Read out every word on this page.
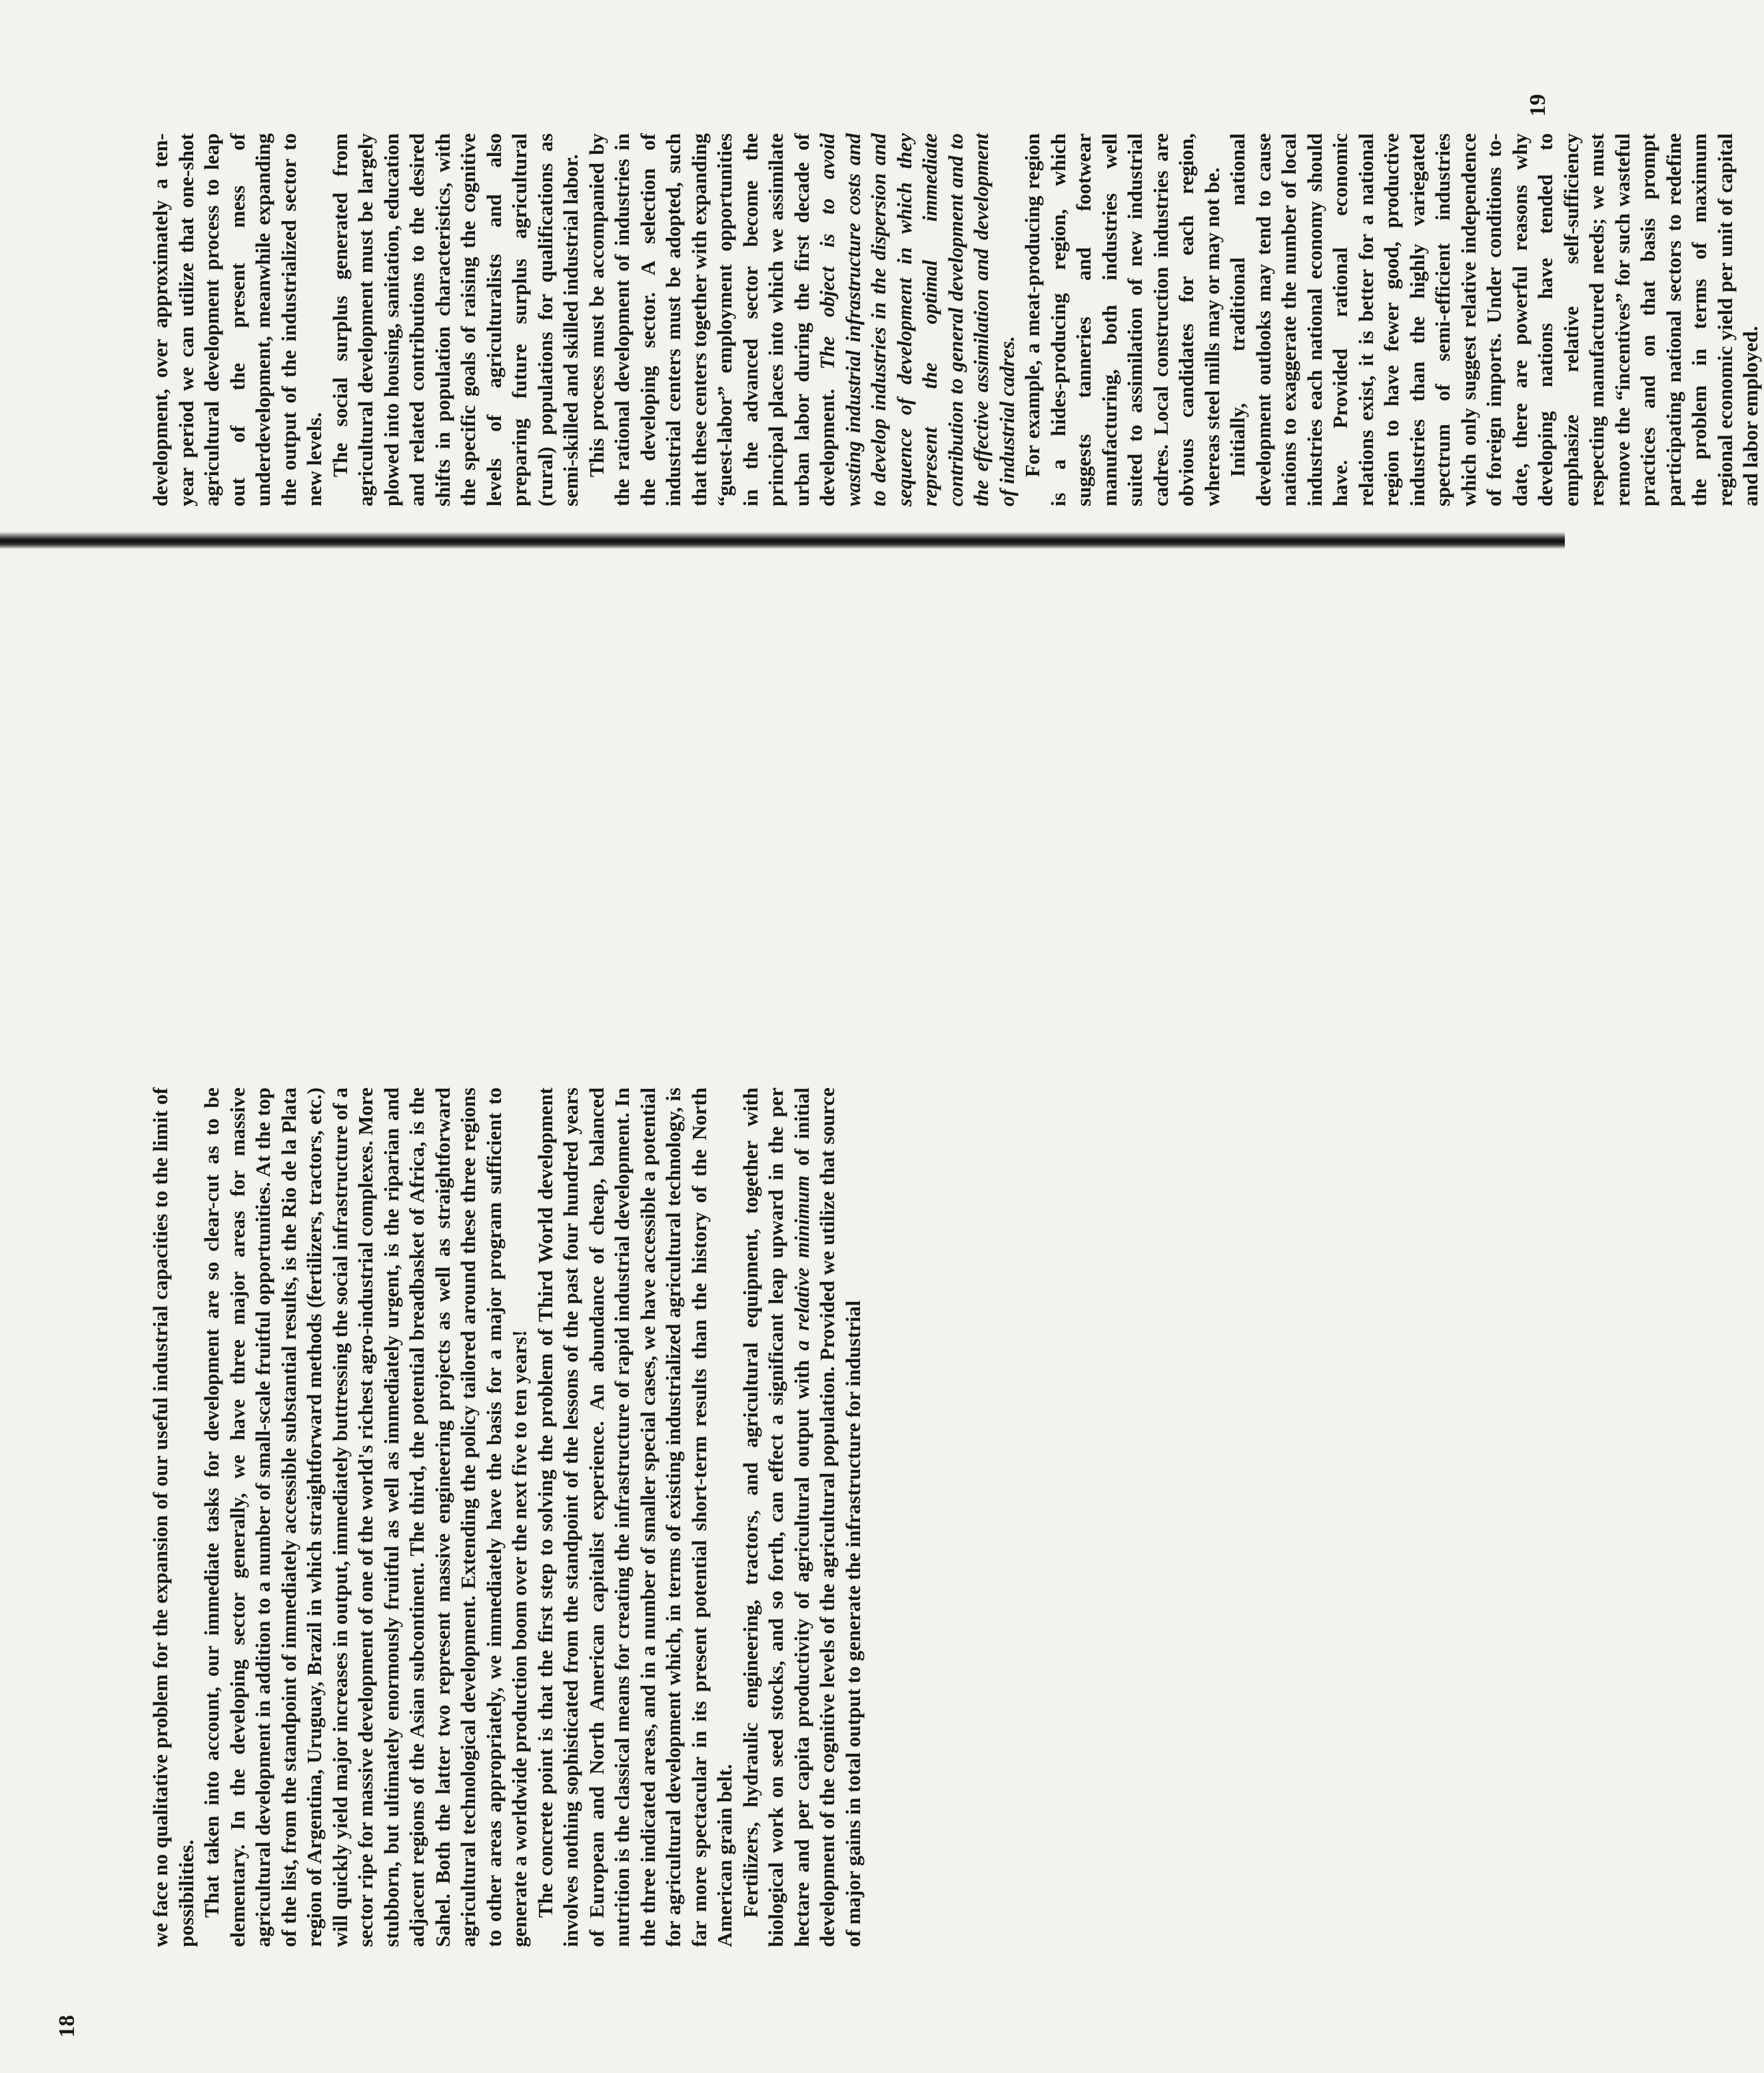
18
19

we face no qualitative problem for the expansion of our useful industrial capacities to the limit of possibilities. That taken into account, our immediate tasks for development are so clear-cut as to be elementary. In the developing sector generally, we have three major areas for massive agricultural development in addition to a number of small-scale fruitful opportunities. At the top of the list, from the standpoint of immediately accessible substantial results, is the Rio de la Plata region of Argentina, Uruguay, Brazil in which straightforward methods (fertilizers, tractors, etc.) will quickly yield major increases in output, immediately buttressing the social infrastructure of a sector ripe for massive development of one of the world's richest agro-industrial complexes. More stubborn, but ultimately enormously fruitful as well as immediately urgent, is the riparian and adjacent regions of the Asian subcontinent. The third, the potential breadbasket of Africa, is the Sahel. Both the latter two represent massive engineering projects as well as straightforward agricultural technological development. Extending the policy tailored around these three regions to other areas appropriately, we immediately have the basis for a major program sufficient to generate a worldwide production boom over the next five to ten years! The concrete point is that the first step to solving the problem of Third World development involves nothing sophisticated from the standpoint of the lessons of the past four hundred years of European and North American capitalist experience. An abundance of cheap, balanced nutrition is the classical means for creating the infrastructure of rapid industrial development. In the three indicated areas, and in a number of smaller special cases, we have accessible a potential for agricultural development which, in terms of existing industrialized agricultural technology, is far more spectacular in its present potential short-term results than the history of the North American grain belt. Fertilizers, hydraulic engineering, tractors, and agricultural equipment, together with biological work on seed stocks, and so forth, can effect a significant leap upward in the per hectare and per capita productivity of agricultural output with a relative minimum of initial development of the cognitive levels of the agricultural population. Provided we utilize that source of major gains in total output to generate the infrastructure for industrial

development, over approximately a ten-year period we can utilize that one-shot agricultural development process to leap out of the present mess of underdevelopment, meanwhile expanding the output of the industrialized sector to new levels. The social surplus generated from agricultural development must be largely plowed into housing, sanitation, education and related contributions to the desired shifts in population characteristics, with the specific goals of raising the cognitive levels of agriculturalists and also preparing future surplus agricultural (rural) populations for qualifications as semi-skilled and skilled industrial labor. This process must be accompanied by the rational development of industries in the developing sector. A selection of industrial centers must be adopted, such that these centers together with expanding “guest-labor” employment opportunities in the advanced sector become the principal places into which we assimilate urban labor during the first decade of development. The object is to avoid wasting industrial infrastructure costs and to develop industries in the dispersion and sequence of development in which they represent the optimal immediate contribution to general development and to the effective assimilation and development of industrial cadres. For example, a meat-producing region is a hides-producing region, which suggests tanneries and footwear manufacturing, both industries well suited to assimilation of new industrial cadres. Local construction industries are obvious candidates for each region, whereas steel mills may or may not be. Initially, traditional national development outlooks may tend to cause nations to exaggerate the number of local industries each national economy should have. Provided rational economic relations exist, it is better for a national region to have fewer good, productive industries than the highly variegated spectrum of semi-efficient industries which only suggest relative independence of foreign imports. Under conditions to-date, there are powerful reasons why developing nations have tended to emphasize relative self-sufficiency respecting manufactured needs; we must remove the “incentives” for such wasteful practices and on that basis prompt participating national sectors to redefine the problem in terms of maximum regional economic yield per unit of capital and labor employed.
